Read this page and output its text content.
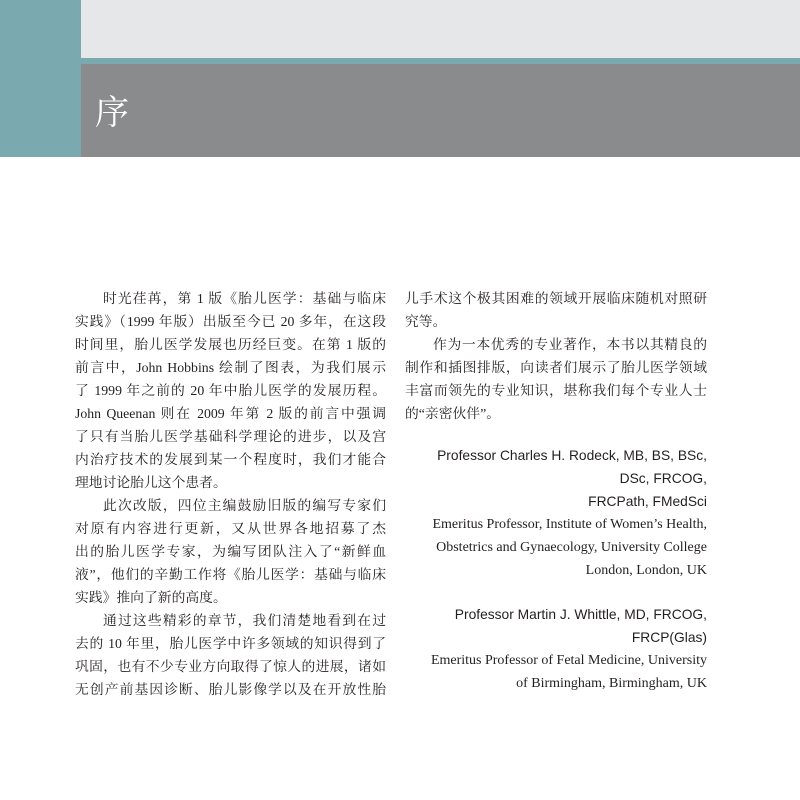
序
时光荏苒，第 1 版《胎儿医学：基础与临床
实践》（1999 年版）出版至今已 20 多年，在这段
时间里，胎儿医学发展也历经巨变。在第 1 版的
前言中，John Hobbins 绘制了图表，为我们展示
了 1999 年之前的 20 年中胎儿医学的发展历程。
John Queenan 则在 2009 年第 2 版的前言中强调
了只有当胎儿医学基础科学理论的进步，以及宫
内治疗技术的发展到某一个程度时，我们才能合
理地讨论胎儿这个患者。
此次改版，四位主编鼓励旧版的编写专家们
对原有内容进行更新，又从世界各地招募了杰
出的胎儿医学专家，为编写团队注入了“新鲜血
液”，他们的辛勤工作将《胎儿医学：基础与临床
实践》推向了新的高度。
通过这些精彩的章节，我们清楚地看到在过
去的 10 年里，胎儿医学中许多领域的知识得到了
巩固，也有不少专业方向取得了惊人的进展，诸如
无创产前基因诊断、胎儿影像学以及在开放性胎
儿手术这个极其困难的领域开展临床随机对照研
究等。
作为一本优秀的专业著作，本书以其精良的
制作和插图排版，向读者们展示了胎儿医学领域
丰富而领先的专业知识，堪称我们每个专业人士
的“亲密伙伴”。
Professor Charles H. Rodeck, MB, BS, BSc,
DSc, FRCOG,
FRCPath, FMedSci
Emeritus Professor, Institute of Women’s Health,
Obstetrics and Gynaecology, University College
London, London, UK
Professor Martin J. Whittle, MD, FRCOG,
FRCP(Glas)
Emeritus Professor of Fetal Medicine, University
of Birmingham, Birmingham, UK
